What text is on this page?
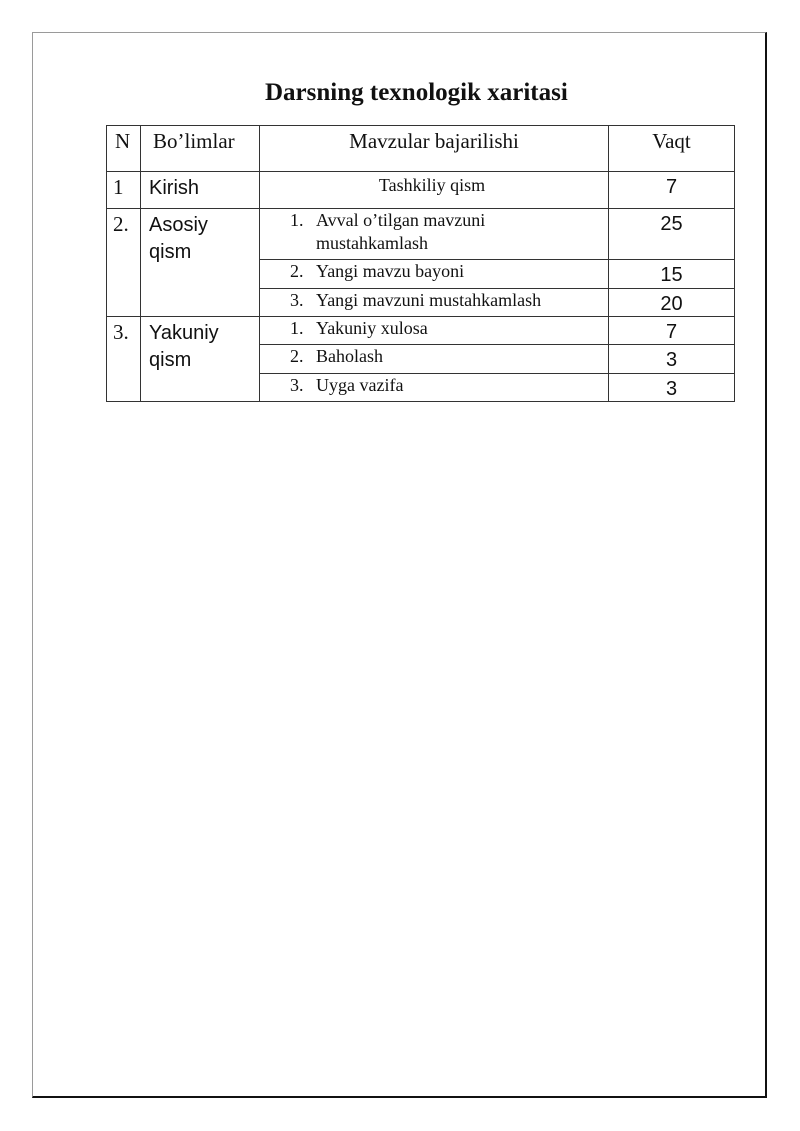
Darsning texnologik xaritasi
N	Bo’limlar	Mavzular bajarilishi	Vaqt
1	Kirish	Tashkiliy qism	7
2.	Asosiy qism	1. Avval o’tilgan mavzuni mustahkamlash	25
		2. Yangi mavzu bayoni	15
		3. Yangi mavzuni mustahkamlash	20
3.	Yakuniy qism	1. Yakuniy xulosa	7
		2. Baholash	3
		3. Uyga vazifa	3
